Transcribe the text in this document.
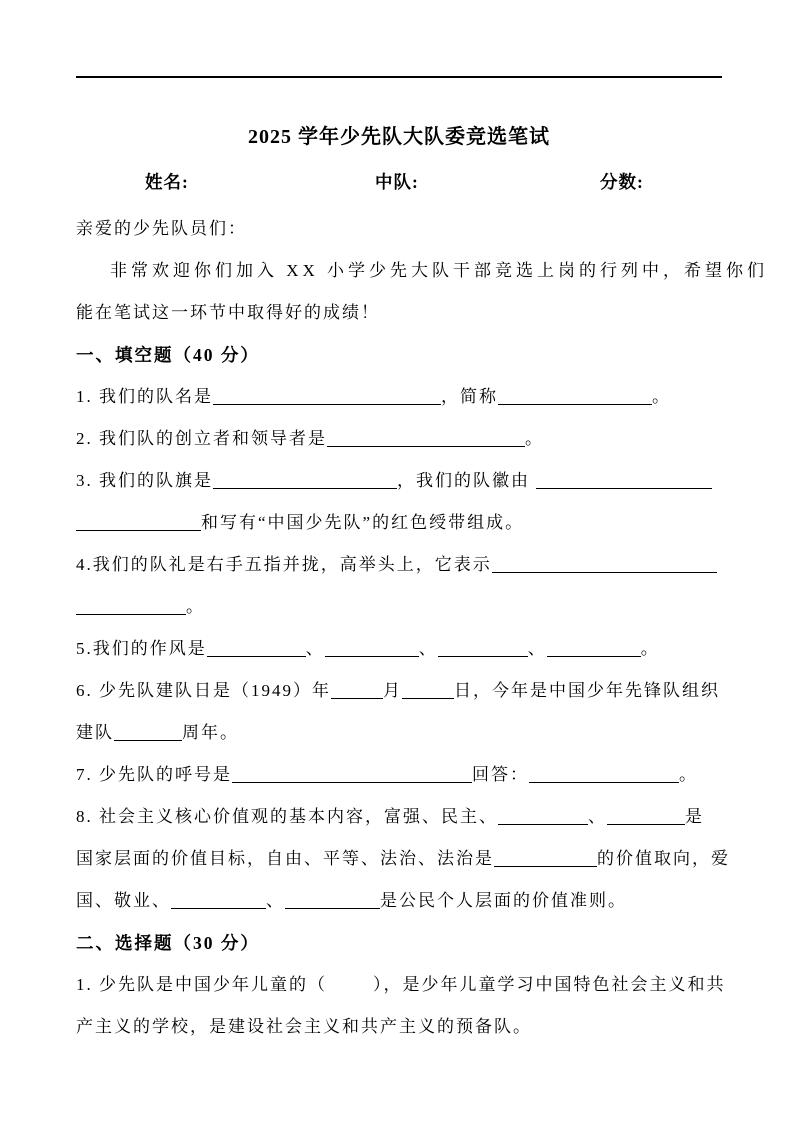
2025 学年少先队大队委竞选笔试
姓名:	中队:	分数:
亲爱的少先队员们：
非常欢迎你们加入 XX 小学少先大队干部竞选上岗的行列中，希望你们
能在笔试这一环节中取得好的成绩！
一、填空题（40 分）
1. 我们的队名是	，简称	。
2. 我们队的创立者和领导者是	。
3. 我们的队旗是	，我们的队徽由
和写有“中国少先队”的红色绶带组成。
4.我们的队礼是右手五指并拢，高举头上，它表示
。
5.我们的作风是	、	、	、	。
6. 少先队建队日是（1949）年	月	日，今年是中国少年先锋队组织
建队	周年。
7. 少先队的呼号是	回答：	。
8. 社会主义核心价值观的基本内容，富强、民主、	、	是
国家层面的价值目标，自由、平等、法治、法治是	的价值取向，爱
国、敬业、	、	是公民个人层面的价值准则。
二、选择题（30 分）
1. 少先队是中国少年儿童的（	），是少年儿童学习中国特色社会主义和共
产主义的学校，是建设社会主义和共产主义的预备队。
